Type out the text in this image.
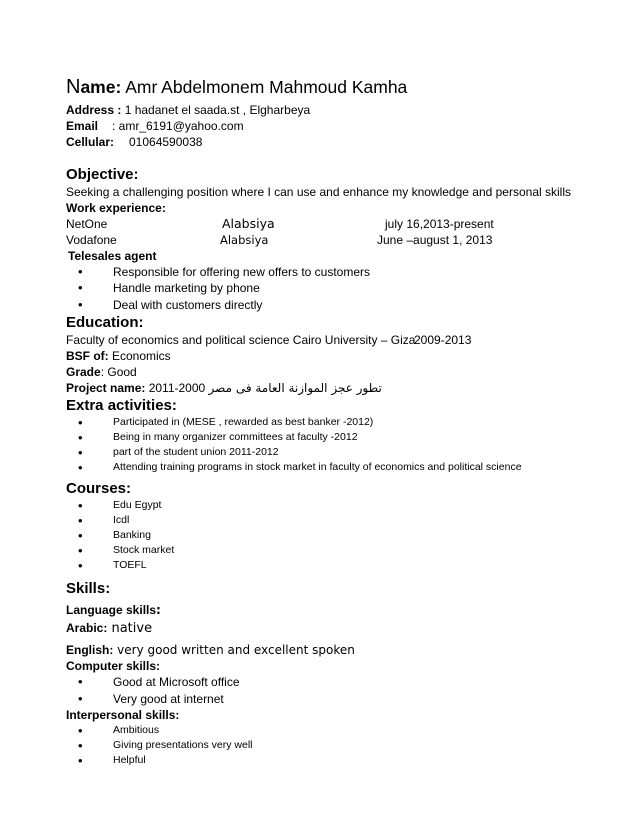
Name: Amr Abdelmonem Mahmoud Kamha
Address : 1 hadanet el saada.st , Elgharbeya
Email : amr_6191@yahoo.com
Cellular: 01064590038
Objective:
Seeking a challenging position where I can use and enhance my knowledge and personal skills
Work experience:
NetOne	Alabsiya	july 16,2013-present
Vodafone	Alabsiya	June –august 1, 2013
Telesales agent
• Responsible for offering new offers to customers
• Handle marketing by phone
• Deal with customers directly
Education:
Faculty of economics and political science Cairo University – Giza
2009-2013
BSF of: Economics
Grade: Good
Project name: 2011-2000 تطور عجز الموازنة العامة فى مصر
Extra activities:
• Participated in (MESE , rewarded as best banker -2012)
• Being in many organizer committees at faculty -2012
• part of the student union 2011-2012
• Attending training programs in stock market in faculty of economics and political science
Courses:
• Edu Egypt
• Icdl
• Banking
• Stock market
• TOEFL
Skills:
Language skills:
Arabic: native
English: very good written and excellent spoken
Computer skills:
• Good at Microsoft office
• Very good at internet
Interpersonal skills:
• Ambitious
• Giving presentations very well
• Helpful
